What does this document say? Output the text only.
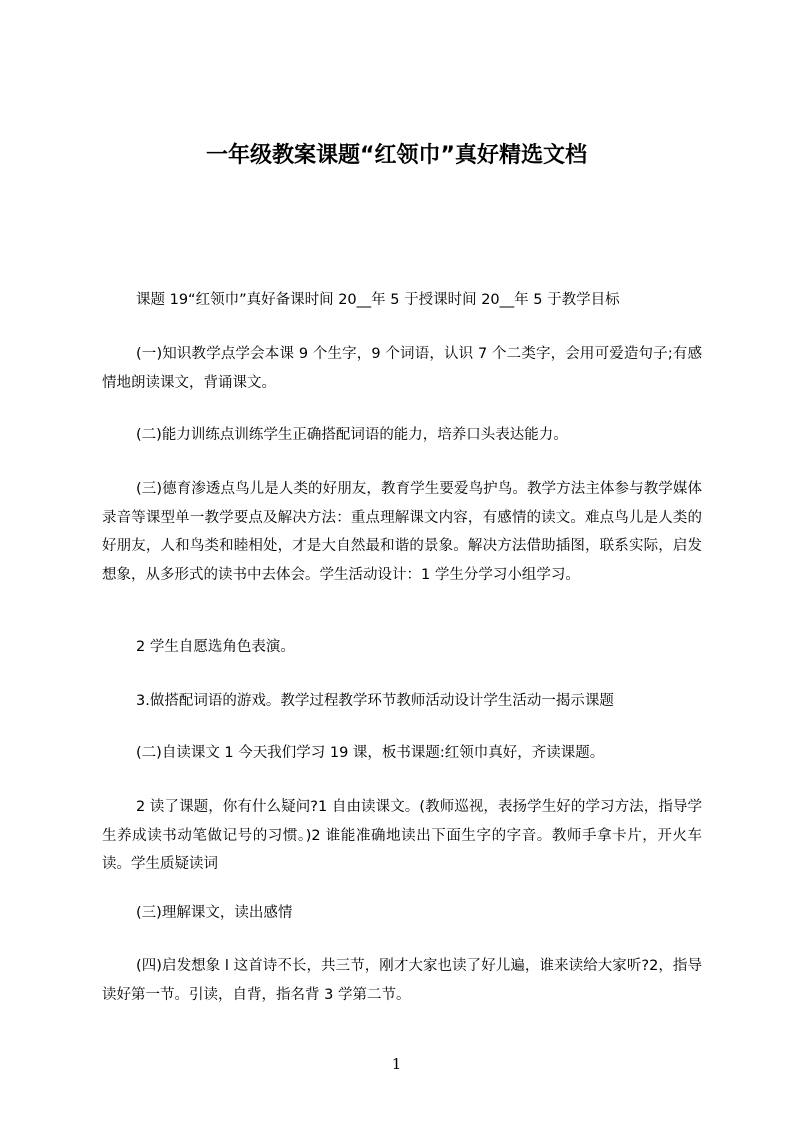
一年级教案课题“红领巾”真好精选文档

课题 19“红领巾”真好备课时间 20__年 5 于授课时间 20__年 5 于教学目标

(一)知识教学点学会本课 9 个生字，9 个词语，认识 7 个二类字，会用可爱造句子;有感情地朗读课文，背诵课文。

(二)能力训练点训练学生正确搭配词语的能力，培养口头表达能力。

(三)德育渗透点鸟儿是人类的好朋友，教育学生要爱鸟护鸟。教学方法主体参与教学媒体录音等课型单一教学要点及解决方法：重点理解课文内容，有感情的读文。难点鸟儿是人类的好朋友，人和鸟类和睦相处，才是大自然最和谐的景象。解决方法借助插图，联系实际，启发想象，从多形式的读书中去体会。学生活动设计：1 学生分学习小组学习。

2 学生自愿选角色表演。

3.做搭配词语的游戏。教学过程教学环节教师活动设计学生活动一揭示课题

(二)自读课文 1 今天我们学习 19 课，板书课题:红领巾真好，齐读课题。

2 读了课题，你有什么疑问?1 自由读课文。(教师巡视，表扬学生好的学习方法，指导学生养成读书动笔做记号的习惯。)2 谁能准确地读出下面生字的字音。教师手拿卡片，开火车读。学生质疑读词

(三)理解课文，读出感情

(四)启发想象 l 这首诗不长，共三节，刚才大家也读了好儿遍，谁来读给大家听?2，指导读好第一节。引读，自背，指名背 3 学第二节。

1
